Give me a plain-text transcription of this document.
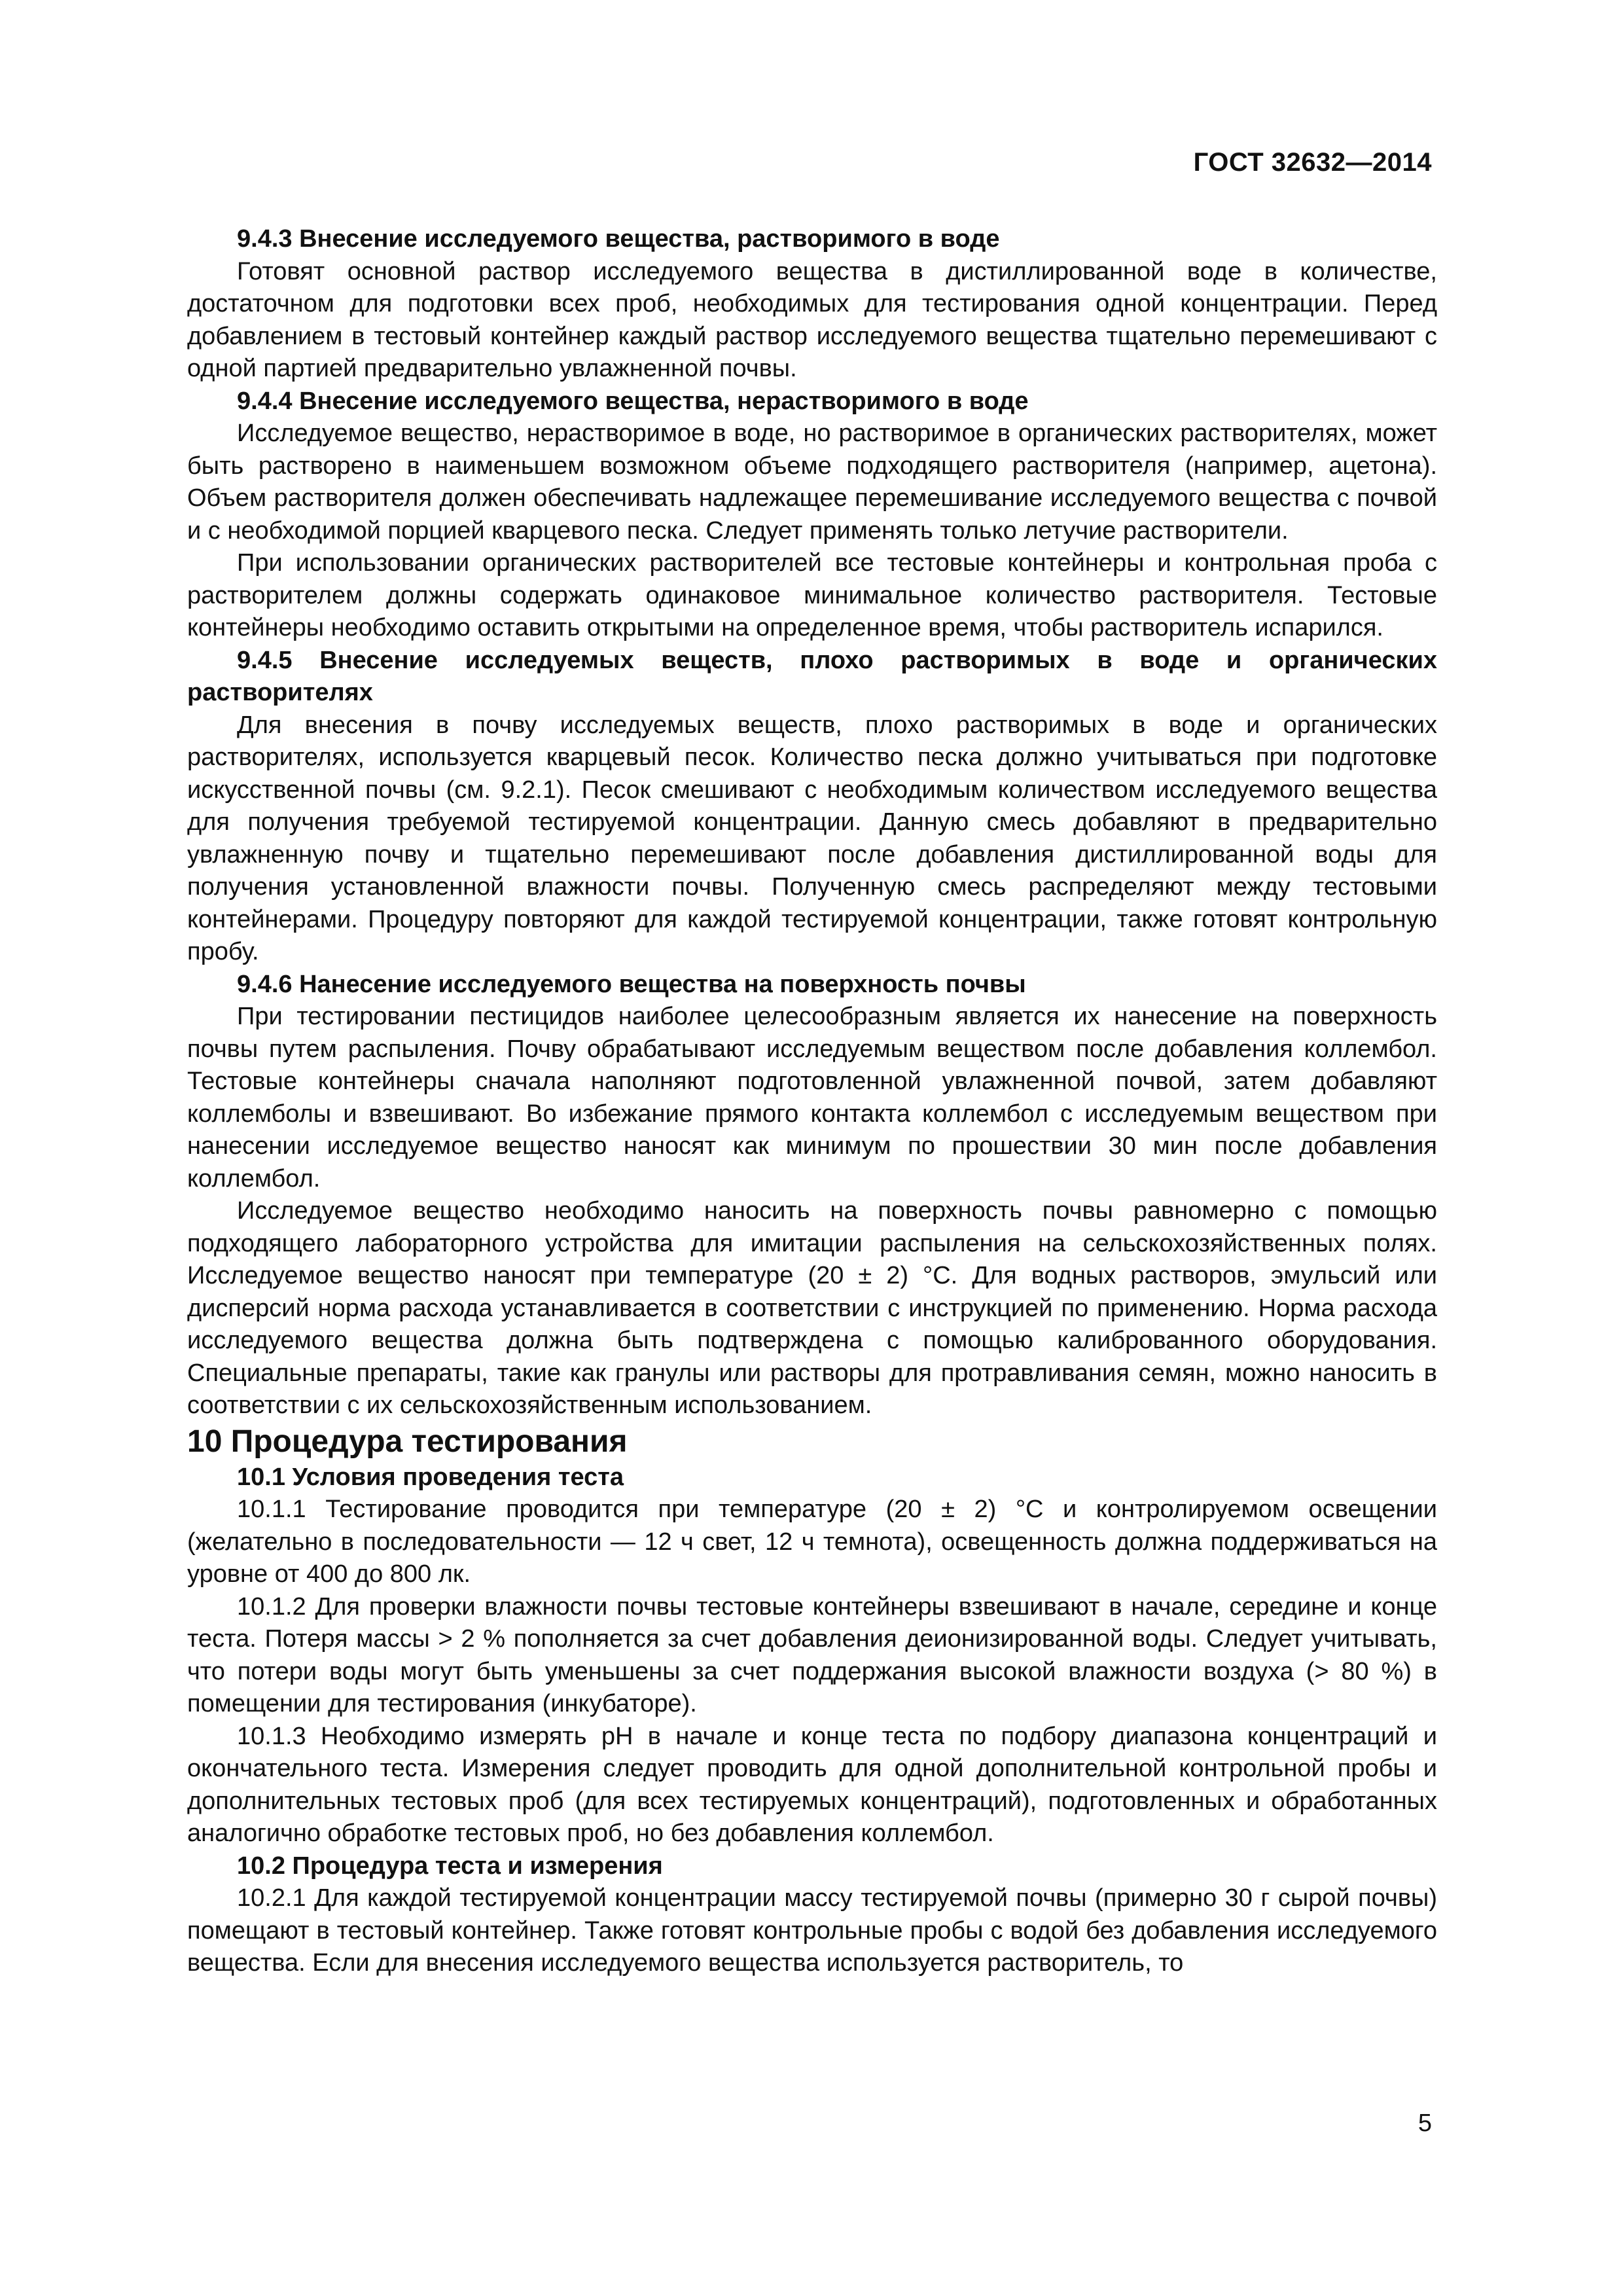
ГОСТ 32632—2014

9.4.3 Внесение исследуемого вещества, растворимого в воде

Готовят основной раствор исследуемого вещества в дистиллированной воде в количестве, достаточном для подготовки всех проб, необходимых для тестирования одной концентрации. Перед добавлением в тестовый контейнер каждый раствор исследуемого вещества тщательно перемешивают с одной партией предварительно увлажненной почвы.

9.4.4 Внесение исследуемого вещества, нерастворимого в воде

Исследуемое вещество, нерастворимое в воде, но растворимое в органических растворителях, может быть растворено в наименьшем возможном объеме подходящего растворителя (например, ацетона). Объем растворителя должен обеспечивать надлежащее перемешивание исследуемого вещества с почвой и с необходимой порцией кварцевого песка. Следует применять только летучие растворители.

При использовании органических растворителей все тестовые контейнеры и контрольная проба с растворителем должны содержать одинаковое минимальное количество растворителя. Тестовые контейнеры необходимо оставить открытыми на определенное время, чтобы растворитель испарился.

9.4.5 Внесение исследуемых веществ, плохо растворимых в воде и органических растворителях

Для внесения в почву исследуемых веществ, плохо растворимых в воде и органических растворителях, используется кварцевый песок. Количество песка должно учитываться при подготовке искусственной почвы (см. 9.2.1). Песок смешивают с необходимым количеством исследуемого вещества для получения требуемой тестируемой концентрации. Данную смесь добавляют в предварительно увлажненную почву и тщательно перемешивают после добавления дистиллированной воды для получения установленной влажности почвы. Полученную смесь распределяют между тестовыми контейнерами. Процедуру повторяют для каждой тестируемой концентрации, также готовят контрольную пробу.

9.4.6 Нанесение исследуемого вещества на поверхность почвы

При тестировании пестицидов наиболее целесообразным является их нанесение на поверхность почвы путем распыления. Почву обрабатывают исследуемым веществом после добавления коллембол. Тестовые контейнеры сначала наполняют подготовленной увлажненной почвой, затем добавляют коллемболы и взвешивают. Во избежание прямого контакта коллембол с исследуемым веществом при нанесении исследуемое вещество наносят как минимум по прошествии 30 мин после добавления коллембол.

Исследуемое вещество необходимо наносить на поверхность почвы равномерно с помощью подходящего лабораторного устройства для имитации распыления на сельскохозяйственных полях. Исследуемое вещество наносят при температуре (20 ± 2) °С. Для водных растворов, эмульсий или дисперсий норма расхода устанавливается в соответствии с инструкцией по применению. Норма расхода исследуемого вещества должна быть подтверждена с помощью калиброванного оборудования. Специальные препараты, такие как гранулы или растворы для протравливания семян, можно наносить в соответствии с их сельскохозяйственным использованием.

10 Процедура тестирования

10.1 Условия проведения теста

10.1.1 Тестирование проводится при температуре (20 ± 2) °С и контролируемом освещении (желательно в последовательности — 12 ч свет, 12 ч темнота), освещенность должна поддерживаться на уровне от 400 до 800 лк.

10.1.2 Для проверки влажности почвы тестовые контейнеры взвешивают в начале, середине и конце теста. Потеря массы > 2 % пополняется за счет добавления деионизированной воды. Следует учитывать, что потери воды могут быть уменьшены за счет поддержания высокой влажности воздуха (> 80 %) в помещении для тестирования (инкубаторе).

10.1.3 Необходимо измерять рН в начале и конце теста по подбору диапазона концентраций и окончательного теста. Измерения следует проводить для одной дополнительной контрольной пробы и дополнительных тестовых проб (для всех тестируемых концентраций), подготовленных и обработанных аналогично обработке тестовых проб, но без добавления коллембол.

10.2 Процедура теста и измерения

10.2.1 Для каждой тестируемой концентрации массу тестируемой почвы (примерно 30 г сырой почвы) помещают в тестовый контейнер. Также готовят контрольные пробы с водой без добавления исследуемого вещества. Если для внесения исследуемого вещества используется растворитель, то

5
